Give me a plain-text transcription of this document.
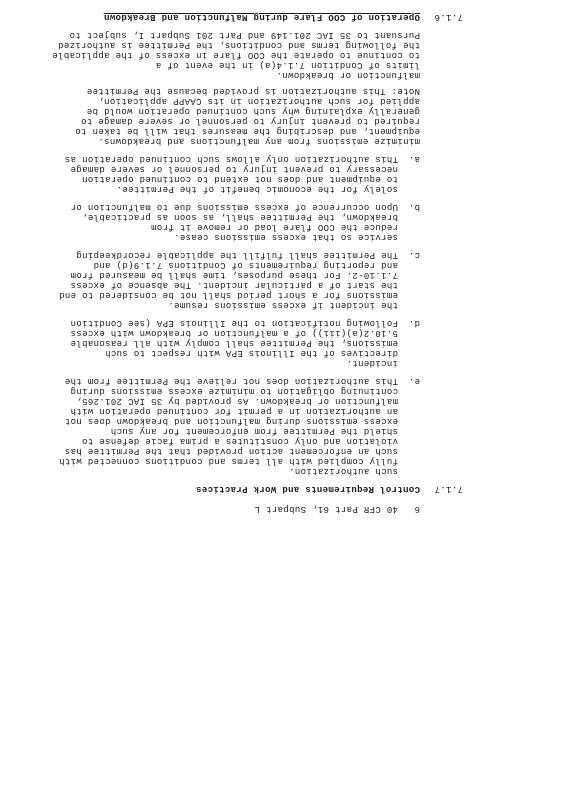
7.1.6
Operation of COO Flare during Malfunction and Breakdown
Pursuant to 35 IAC 201.149 and Part 201 Subpart I, subject to
the following terms and conditions, the Permittee is authorized
to continue to operate the COO flare in excess of the applicable
limits of Condition 7.1.4(a) in the event of a
malfunction or breakdown.
Note: This authorization is provided because the Permittee
applied for such authorization in its CAAPP application,
generally explaining why such continued operation would be
required to prevent injury to personnel or severe damage to
equipment, and describing the measures that will be taken to
minimize emissions from any malfunctions and breakdowns.
a.
This authorization only allows such continued operation as
necessary to prevent injury to personnel or severe damage
to equipment and does not extend to continued operation
solely for the economic benefit of the Permittee.
b.
Upon occurrence of excess emissions due to malfunction or
breakdown, the Permittee shall, as soon as practicable,
reduce the COO flare load or remove it from
service so that excess emissions cease.
c.
The Permittee shall fulfill the applicable recordkeeping
and reporting requirements of Conditions 7.1.9(d) and
7.1.10-2. For these purposes, time shall be measured from
the start of a particular incident. The absence of excess
emissions for a short period shall not be considered to end
the incident if excess emissions resume.
d.
Following notification to the Illinois EPA (see Condition
5.10.2(a)(iii)) of a malfunction or breakdown with excess
emissions, the Permittee shall comply with all reasonable
directives of the Illinois EPA with respect to such
incident.
e.
This authorization does not relieve the Permittee from the
continuing obligation to minimize excess emissions during
malfunction or breakdown. As provided by 35 IAC 201.265,
an authorization in a permit for continued operation with
excess emissions during malfunction and breakdown does not
shield the Permittee from enforcement for any such
violation and only constitutes a prima facie defense to
such an enforcement action provided that the Permittee has
fully complied with all terms and conditions connected with
such authorization.
7.1.7
Control Requirements and Work Practices
6
40 CFR Part 61, Subpart L
